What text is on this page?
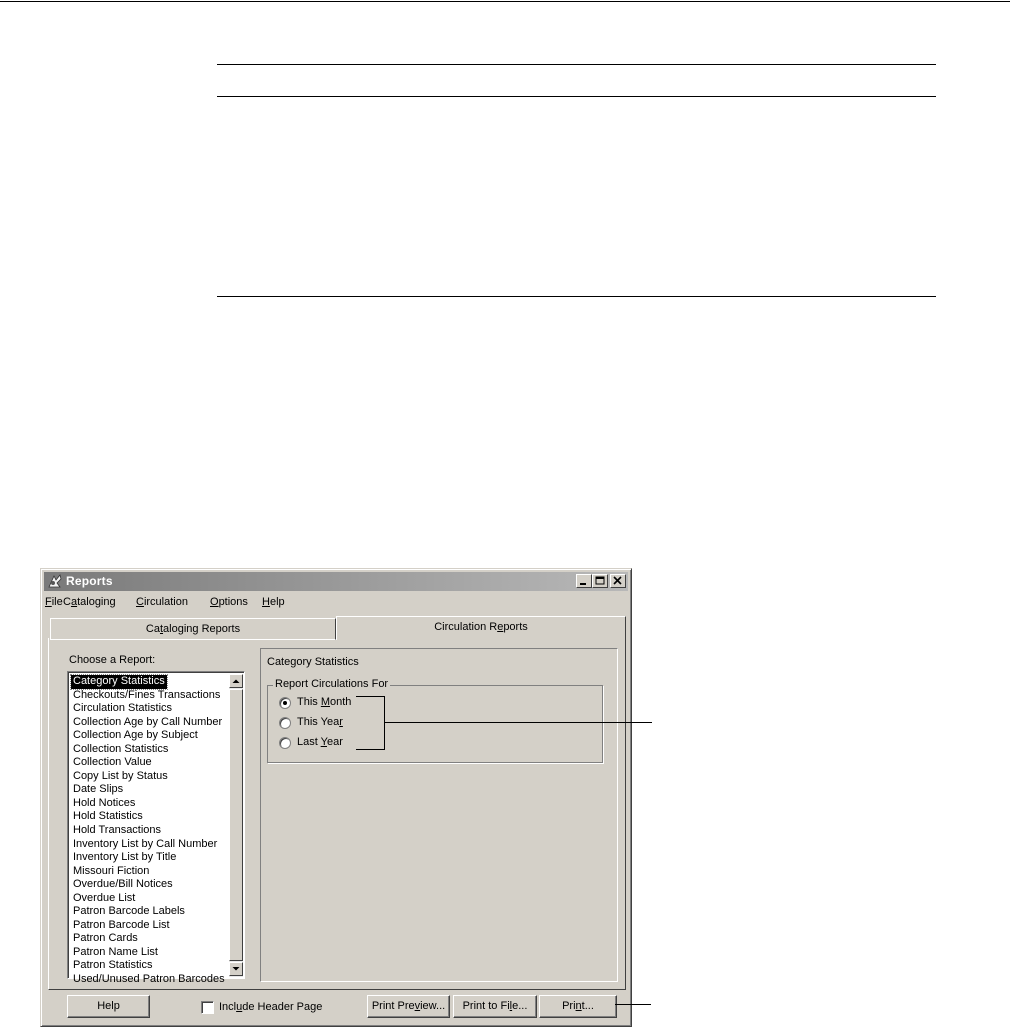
Reports
File Cataloging Circulation Options Help
Cataloging Reports	Circulation Reports
Choose a Report:
Category Statistics

Checkouts/Fines Transactions
Circulation Statistics
Collection Age by Call Number
Collection Age by Subject
Collection Statistics
Collection Value
Copy List by Status
Date Slips
Hold Notices
Hold Statistics
Hold Transactions
Inventory List by Call Number
Inventory List by Title
Missouri Fiction
Overdue/Bill Notices
Overdue List
Patron Barcode Labels
Patron Barcode List
Patron Cards
Patron Name List
Patron Statistics
Used/Unused Patron Barcodes
Category Statistics
Report Circulations For
This Month
This Year
Last Year
Help	Include Header Page	Print Preview...	Print to File...	Print...
